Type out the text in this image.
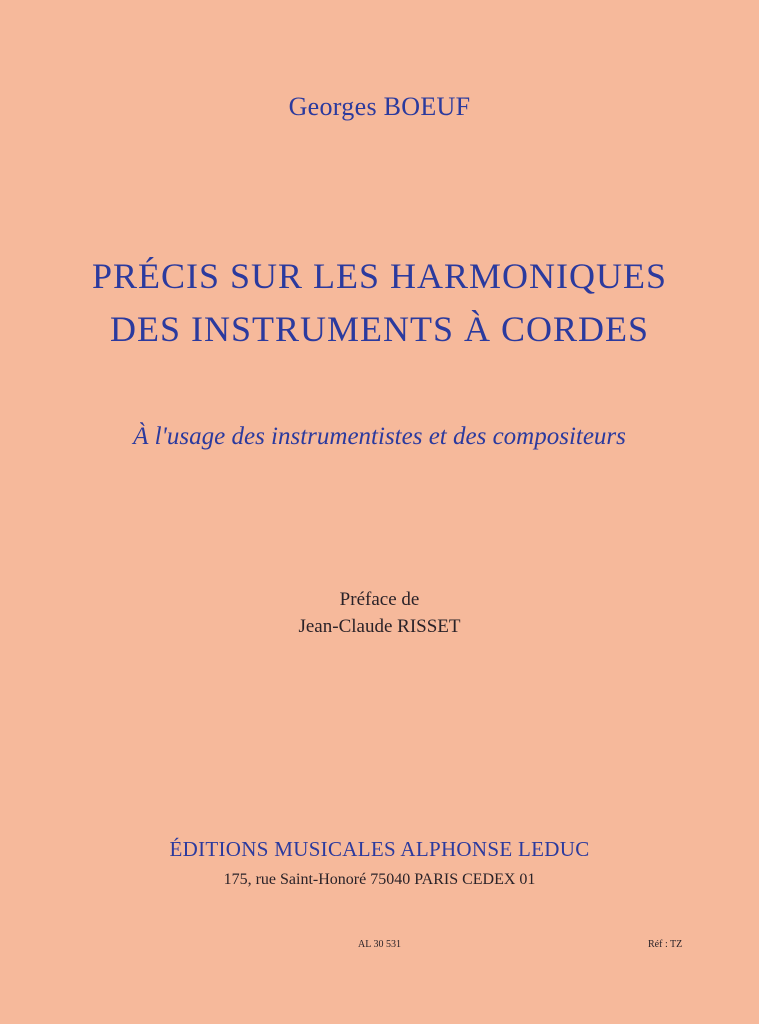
Georges BOEUF
PRÉCIS SUR LES HARMONIQUES
DES INSTRUMENTS À CORDES
À l'usage des instrumentistes et des compositeurs
Préface de
Jean-Claude RISSET
ÉDITIONS MUSICALES ALPHONSE LEDUC
175, rue Saint-Honoré 75040 PARIS CEDEX 01
AL 30 531	Réf : TZ
